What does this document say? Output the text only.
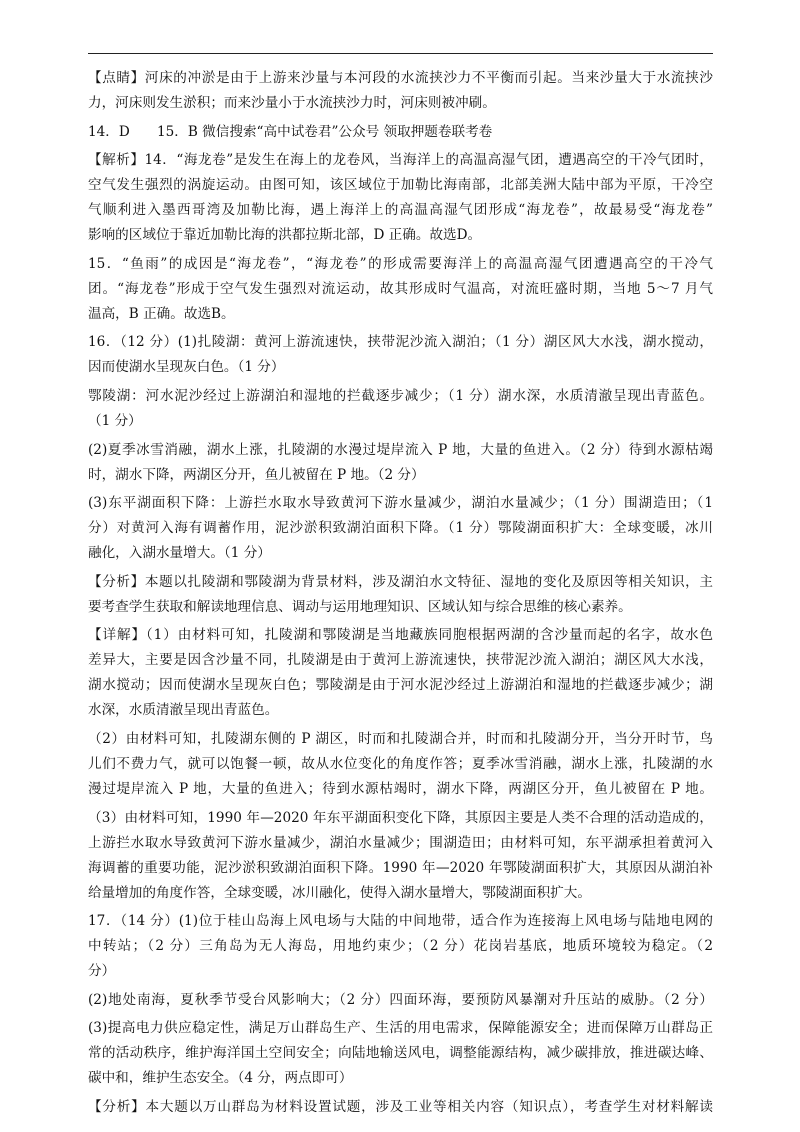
【点睛】河床的冲淤是由于上游来沙量与本河段的水流挟沙力不平衡而引起。当来沙量大于水流挟沙
力，河床则发生淤积；而来沙量小于水流挟沙力时，河床则被冲刷。
14．D　　15．B 微信搜索“高中试卷君”公众号 领取押题卷联考卷
【解析】14．“海龙卷”是发生在海上的龙卷风，当海洋上的高温高湿气团，遭遇高空的干冷气团时，
空气发生强烈的涡旋运动。由图可知，该区域位于加勒比海南部，北部美洲大陆中部为平原，干冷空
气顺利进入墨西哥湾及加勒比海，遇上海洋上的高温高湿气团形成“海龙卷”，故最易受“海龙卷”
影响的区域位于靠近加勒比海的洪都拉斯北部，D 正确。故选D。
15．“鱼雨”的成因是“海龙卷”，“海龙卷”的形成需要海洋上的高温高湿气团遭遇高空的干冷气
团。“海龙卷”形成于空气发生强烈对流运动，故其形成时气温高，对流旺盛时期，当地 5～7 月气
温高，B 正确。故选B。
16．（12 分）(1)扎陵湖：黄河上游流速快，挟带泥沙流入湖泊；（1 分）湖区风大水浅，湖水搅动，
因而使湖水呈现灰白色。（1 分）
鄂陵湖：河水泥沙经过上游湖泊和湿地的拦截逐步减少；（1 分）湖水深，水质清澈呈现出青蓝色。
（1 分）
(2)夏季冰雪消融，湖水上涨，扎陵湖的水漫过堤岸流入 P 地，大量的鱼进入。（2 分）待到水源枯竭
时，湖水下降，两湖区分开，鱼儿被留在 P 地。（2 分）
(3)东平湖面积下降：上游拦水取水导致黄河下游水量减少，湖泊水量减少；（1 分）围湖造田；（1
分）对黄河入海有调蓄作用，泥沙淤积致湖泊面积下降。（1 分）鄂陵湖面积扩大：全球变暖，冰川
融化，入湖水量增大。（1 分）
【分析】本题以扎陵湖和鄂陵湖为背景材料，涉及湖泊水文特征、湿地的变化及原因等相关知识，主
要考查学生获取和解读地理信息、调动与运用地理知识、区域认知与综合思维的核心素养。
【详解】（1）由材料可知，扎陵湖和鄂陵湖是当地藏族同胞根据两湖的含沙量而起的名字，故水色
差异大，主要是因含沙量不同，扎陵湖是由于黄河上游流速快，挟带泥沙流入湖泊；湖区风大水浅，
湖水搅动；因而使湖水呈现灰白色；鄂陵湖是由于河水泥沙经过上游湖泊和湿地的拦截逐步减少；湖
水深，水质清澈呈现出青蓝色。
（2）由材料可知，扎陵湖东侧的 P 湖区，时而和扎陵湖合并，时而和扎陵湖分开，当分开时节，鸟
儿们不费力气，就可以饱餐一顿，故从水位变化的角度作答；夏季冰雪消融，湖水上涨，扎陵湖的水
漫过堤岸流入 P 地，大量的鱼进入；待到水源枯竭时，湖水下降，两湖区分开，鱼儿被留在 P 地。
（3）由材料可知，1990 年—2020 年东平湖面积变化下降，其原因主要是人类不合理的活动造成的，
上游拦水取水导致黄河下游水量减少，湖泊水量减少；围湖造田；由材料可知，东平湖承担着黄河入
海调蓄的重要功能，泥沙淤积致湖泊面积下降。1990 年—2020 年鄂陵湖面积扩大，其原因从湖泊补
给量增加的角度作答，全球变暖，冰川融化，使得入湖水量增大，鄂陵湖面积扩大。
17．（14 分）(1)位于桂山岛海上风电场与大陆的中间地带，适合作为连接海上风电场与陆地电网的
中转站；（2 分）三角岛为无人海岛，用地约束少；（2 分）花岗岩基底，地质环境较为稳定。（2
分）
(2)地处南海，夏秋季节受台风影响大；（2 分）四面环海，要预防风暴潮对升压站的威胁。（2 分）
(3)提高电力供应稳定性，满足万山群岛生产、生活的用电需求，保障能源安全；进而保障万山群岛正
常的活动秩序，维护海洋国土空间安全；向陆地输送风电，调整能源结构，减少碳排放，推进碳达峰、
碳中和，维护生态安全。（4 分，两点即可）
【分析】本大题以万山群岛为材料设置试题，涉及工业等相关内容（知识点），考查学生对材料解读
